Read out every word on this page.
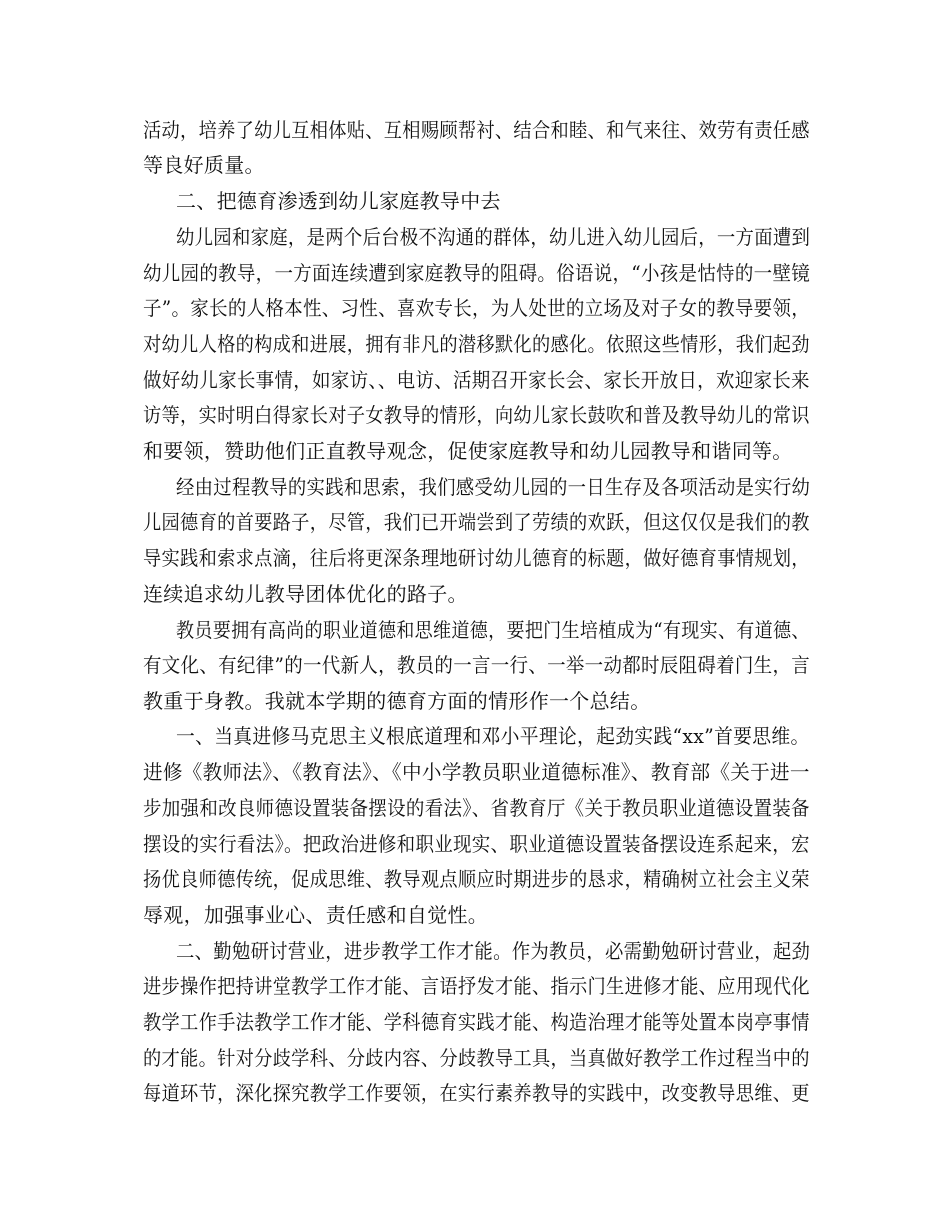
活动，培养了幼儿互相体贴、互相赐顾帮衬、结合和睦、和气来往、效劳有责任感
等良好质量。
二、把德育渗透到幼儿家庭教导中去
幼儿园和家庭，是两个后台极不沟通的群体，幼儿进入幼儿园后，一方面遭到
幼儿园的教导，一方面连续遭到家庭教导的阻碍。俗语说，“小孩是怙恃的一壁镜
子”。家长的人格本性、习性、喜欢专长，为人处世的立场及对子女的教导要领，
对幼儿人格的构成和进展，拥有非凡的潜移默化的感化。依照这些情形，我们起劲
做好幼儿家长事情，如家访、、电访、活期召开家长会、家长开放日，欢迎家长来
访等，实时明白得家长对子女教导的情形，向幼儿家长鼓吹和普及教导幼儿的常识
和要领，赞助他们正直教导观念，促使家庭教导和幼儿园教导和谐同等。
经由过程教导的实践和思索，我们感受幼儿园的一日生存及各项活动是实行幼
儿园德育的首要路子，尽管，我们已开端尝到了劳绩的欢跃，但这仅仅是我们的教
导实践和索求点滴，往后将更深条理地研讨幼儿德育的标题，做好德育事情规划，
连续追求幼儿教导团体优化的路子。
教员要拥有高尚的职业道德和思维道德，要把门生培植成为“有现实、有道德、
有文化、有纪律”的一代新人，教员的一言一行、一举一动都时辰阻碍着门生，言
教重于身教。我就本学期的德育方面的情形作一个总结。
一、当真进修马克思主义根底道理和邓小平理论，起劲实践“xx”首要思维。
进修《教师法》、《教育法》、《中小学教员职业道德标准》、教育部《关于进一
步加强和改良师德设置装备摆设的看法》、省教育厅《关于教员职业道德设置装备
摆设的实行看法》。把政治进修和职业现实、职业道德设置装备摆设连系起来，宏
扬优良师德传统，促成思维、教导观点顺应时期进步的恳求，精确树立社会主义荣
辱观，加强事业心、责任感和自觉性。
二、勤勉研讨营业，进步教学工作才能。作为教员，必需勤勉研讨营业，起劲
进步操作把持讲堂教学工作才能、言语抒发才能、指示门生进修才能、应用现代化
教学工作手法教学工作才能、学科德育实践才能、构造治理才能等处置本岗亭事情
的才能。针对分歧学科、分歧内容、分歧教导工具，当真做好教学工作过程当中的
每道环节，深化探究教学工作要领，在实行素养教导的实践中，改变教导思维、更
